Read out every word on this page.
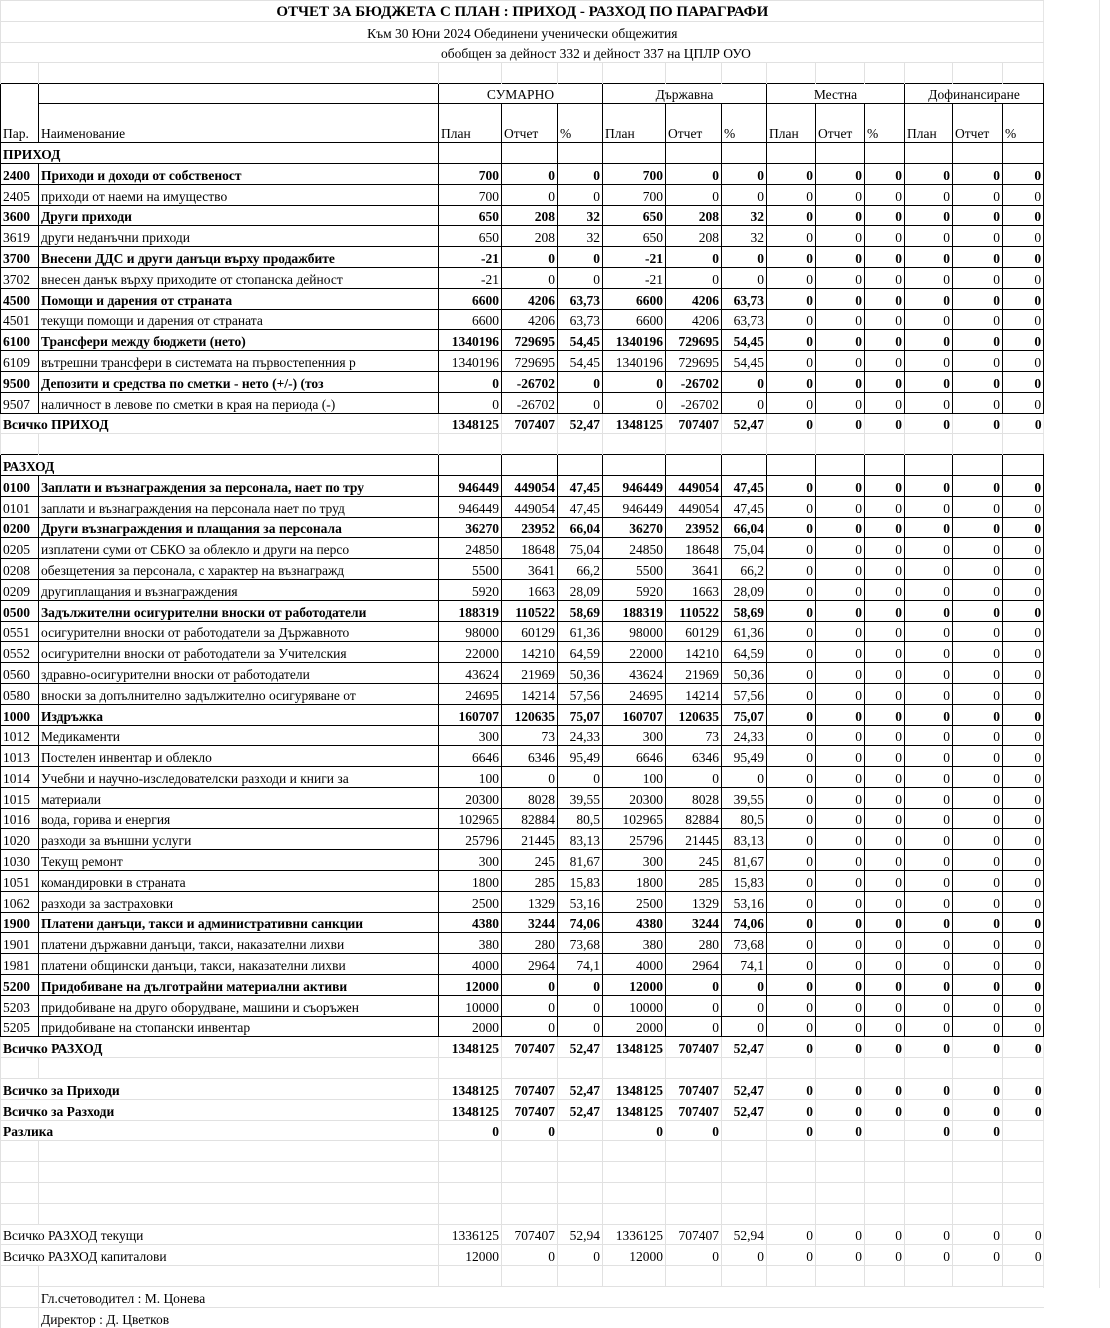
ОТЧЕТ ЗА БЮДЖЕТА С ПЛАН : ПРИХОД - РАЗХОД ПО ПАРАГРАФИ													
Към 30 Юни 2024 Обединени ученически общежития													
обобщен за дейност 332 и дейност 337 на ЦПЛР ОУО													

		СУМАРНО			Държавна			Местна			Дофинансиране		
Пар.	Наименование	План	Отчет	%	План	Отчет	%	План	Отчет	%	План	Отчет	%
ПРИХОД													
2400	Приходи и доходи от собственост	700	0	0	700	0	0	0	0	0	0	0	0
2405	приходи от наеми на имущество	700	0	0	700	0	0	0	0	0	0	0	0
3600	Други приходи	650	208	32	650	208	32	0	0	0	0	0	0
3619	други неданъчни приходи	650	208	32	650	208	32	0	0	0	0	0	0
3700	Внесени ДДС и други данъци върху продажбите	-21	0	0	-21	0	0	0	0	0	0	0	0
3702	внесен данък върху приходите от стопанска дейност	-21	0	0	-21	0	0	0	0	0	0	0	0
4500	Помощи и дарения от страната	6600	4206	63,73	6600	4206	63,73	0	0	0	0	0	0
4501	текущи помощи и дарения от страната	6600	4206	63,73	6600	4206	63,73	0	0	0	0	0	0
6100	Трансфери между бюджети (нето)	1340196	729695	54,45	1340196	729695	54,45	0	0	0	0	0	0
6109	вътрешни трансфери в системата на първостепенния р	1340196	729695	54,45	1340196	729695	54,45	0	0	0	0	0	0
9500	Депозити и средства по сметки - нето (+/-) (тоз	0	-26702	0	0	-26702	0	0	0	0	0	0	0
9507	наличност в левове по сметки в края на периода (-)	0	-26702	0	0	-26702	0	0	0	0	0	0	0
Всичко ПРИХОД		1348125	707407	52,47	1348125	707407	52,47	0	0	0	0	0	0

РАЗХОД													
0100	Заплати и възнаграждения за персонала, нает по тру	946449	449054	47,45	946449	449054	47,45	0	0	0	0	0	0
0101	заплати и възнаграждения на персонала нает по труд	946449	449054	47,45	946449	449054	47,45	0	0	0	0	0	0
0200	Други възнаграждения и плащания за персонала	36270	23952	66,04	36270	23952	66,04	0	0	0	0	0	0
0205	изплатени суми от СБКО за облекло и други на персо	24850	18648	75,04	24850	18648	75,04	0	0	0	0	0	0
0208	обезщетения за персонала, с характер на възнагражд	5500	3641	66,2	5500	3641	66,2	0	0	0	0	0	0
0209	другиплащания и възнаграждения	5920	1663	28,09	5920	1663	28,09	0	0	0	0	0	0
0500	Задължителни осигурителни вноски от работодатели	188319	110522	58,69	188319	110522	58,69	0	0	0	0	0	0
0551	осигурителни вноски от работодатели за Държавното	98000	60129	61,36	98000	60129	61,36	0	0	0	0	0	0
0552	осигурителни вноски от работодатели за Учителския	22000	14210	64,59	22000	14210	64,59	0	0	0	0	0	0
0560	здравно-осигурителни вноски от работодатели	43624	21969	50,36	43624	21969	50,36	0	0	0	0	0	0
0580	вноски за допълнително задължително осигуряване от	24695	14214	57,56	24695	14214	57,56	0	0	0	0	0	0
1000	Издръжка	160707	120635	75,07	160707	120635	75,07	0	0	0	0	0	0
1012	Медикаменти	300	73	24,33	300	73	24,33	0	0	0	0	0	0
1013	Постелен инвентар и облекло	6646	6346	95,49	6646	6346	95,49	0	0	0	0	0	0
1014	Учебни и научно-изследователски разходи и книги за	100	0	0	100	0	0	0	0	0	0	0	0
1015	материали	20300	8028	39,55	20300	8028	39,55	0	0	0	0	0	0
1016	вода, горива и енергия	102965	82884	80,5	102965	82884	80,5	0	0	0	0	0	0
1020	разходи за външни услуги	25796	21445	83,13	25796	21445	83,13	0	0	0	0	0	0
1030	Текущ ремонт	300	245	81,67	300	245	81,67	0	0	0	0	0	0
1051	командировки в страната	1800	285	15,83	1800	285	15,83	0	0	0	0	0	0
1062	разходи за застраховки	2500	1329	53,16	2500	1329	53,16	0	0	0	0	0	0
1900	Платени данъци, такси и административни санкции	4380	3244	74,06	4380	3244	74,06	0	0	0	0	0	0
1901	платени държавни данъци, такси, наказателни лихви	380	280	73,68	380	280	73,68	0	0	0	0	0	0
1981	платени общински данъци, такси, наказателни лихви	4000	2964	74,1	4000	2964	74,1	0	0	0	0	0	0
5200	Придобиване на дълготрайни материални активи	12000	0	0	12000	0	0	0	0	0	0	0	0
5203	придобиване на друго оборудване, машини и съоръжен	10000	0	0	10000	0	0	0	0	0	0	0	0
5205	придобиване на стопански инвентар	2000	0	0	2000	0	0	0	0	0	0	0	0
Всичко РАЗХОД		1348125	707407	52,47	1348125	707407	52,47	0	0	0	0	0	0

Всичко за Приходи		1348125	707407	52,47	1348125	707407	52,47	0	0	0	0	0	0
Всичко за Разходи		1348125	707407	52,47	1348125	707407	52,47	0	0	0	0	0	0
Разлика		0	0		0	0		0	0		0	0	

Всичко РАЗХОД текущи		1336125	707407	52,94	1336125	707407	52,94	0	0	0	0	0	0
Всичко РАЗХОД капиталови		12000	0	0	12000	0	0	0	0	0	0	0	0

	Гл.счетоводител : М. Цонева												
	Директор : Д. Цветков												
